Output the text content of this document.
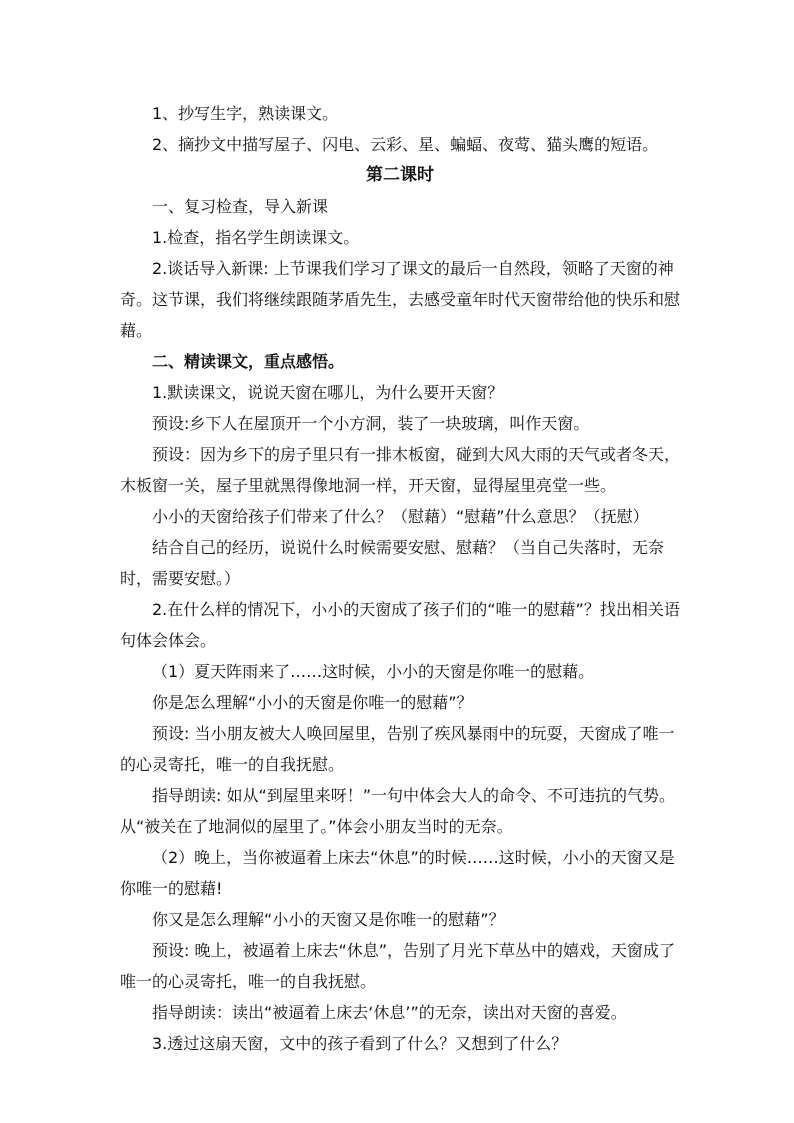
1、抄写生字，熟读课文。

2、摘抄文中描写屋子、闪电、云彩、星、蝙蝠、夜莺、猫头鹰的短语。

第二课时

一、复习检查，导入新课

1.检查，指名学生朗读课文。

2.谈话导入新课: 上节课我们学习了课文的最后一自然段，领略了天窗的神奇。这节课，我们将继续跟随茅盾先生，去感受童年时代天窗带给他的快乐和慰藉。

二、精读课文，重点感悟。

1.默读课文，说说天窗在哪儿，为什么要开天窗？

预设:乡下人在屋顶开一个小方洞，装了一块玻璃，叫作天窗。

预设：因为乡下的房子里只有一排木板窗，碰到大风大雨的天气或者冬天，木板窗一关，屋子里就黑得像地洞一样，开天窗，显得屋里亮堂一些。

小小的天窗给孩子们带来了什么？（慰藉）“慰藉”什么意思？（抚慰）

结合自己的经历，说说什么时候需要安慰、慰藉？（当自己失落时，无奈时，需要安慰。）

2.在什么样的情况下，小小的天窗成了孩子们的“唯一的慰藉”？找出相关语句体会体会。

（1）夏天阵雨来了……这时候，小小的天窗是你唯一的慰藉。

你是怎么理解“小小的天窗是你唯一的慰藉”？

预设: 当小朋友被大人唤回屋里，告别了疾风暴雨中的玩耍，天窗成了唯一的心灵寄托，唯一的自我抚慰。

指导朗读: 如从“到屋里来呀！”一句中体会大人的命令、不可违抗的气势。从“被关在了地洞似的屋里了。”体会小朋友当时的无奈。

（2）晚上，当你被逼着上床去“休息”的时候……这时候，小小的天窗又是你唯一的慰藉!

你又是怎么理解“小小的天窗又是你唯一的慰藉”？

预设: 晚上，被逼着上床去“休息”，告别了月光下草丛中的嬉戏，天窗成了唯一的心灵寄托，唯一的自我抚慰。

指导朗读：读出“被逼着上床去‘休息’”的无奈，读出对天窗的喜爱。

3.透过这扇天窗，文中的孩子看到了什么？又想到了什么？
